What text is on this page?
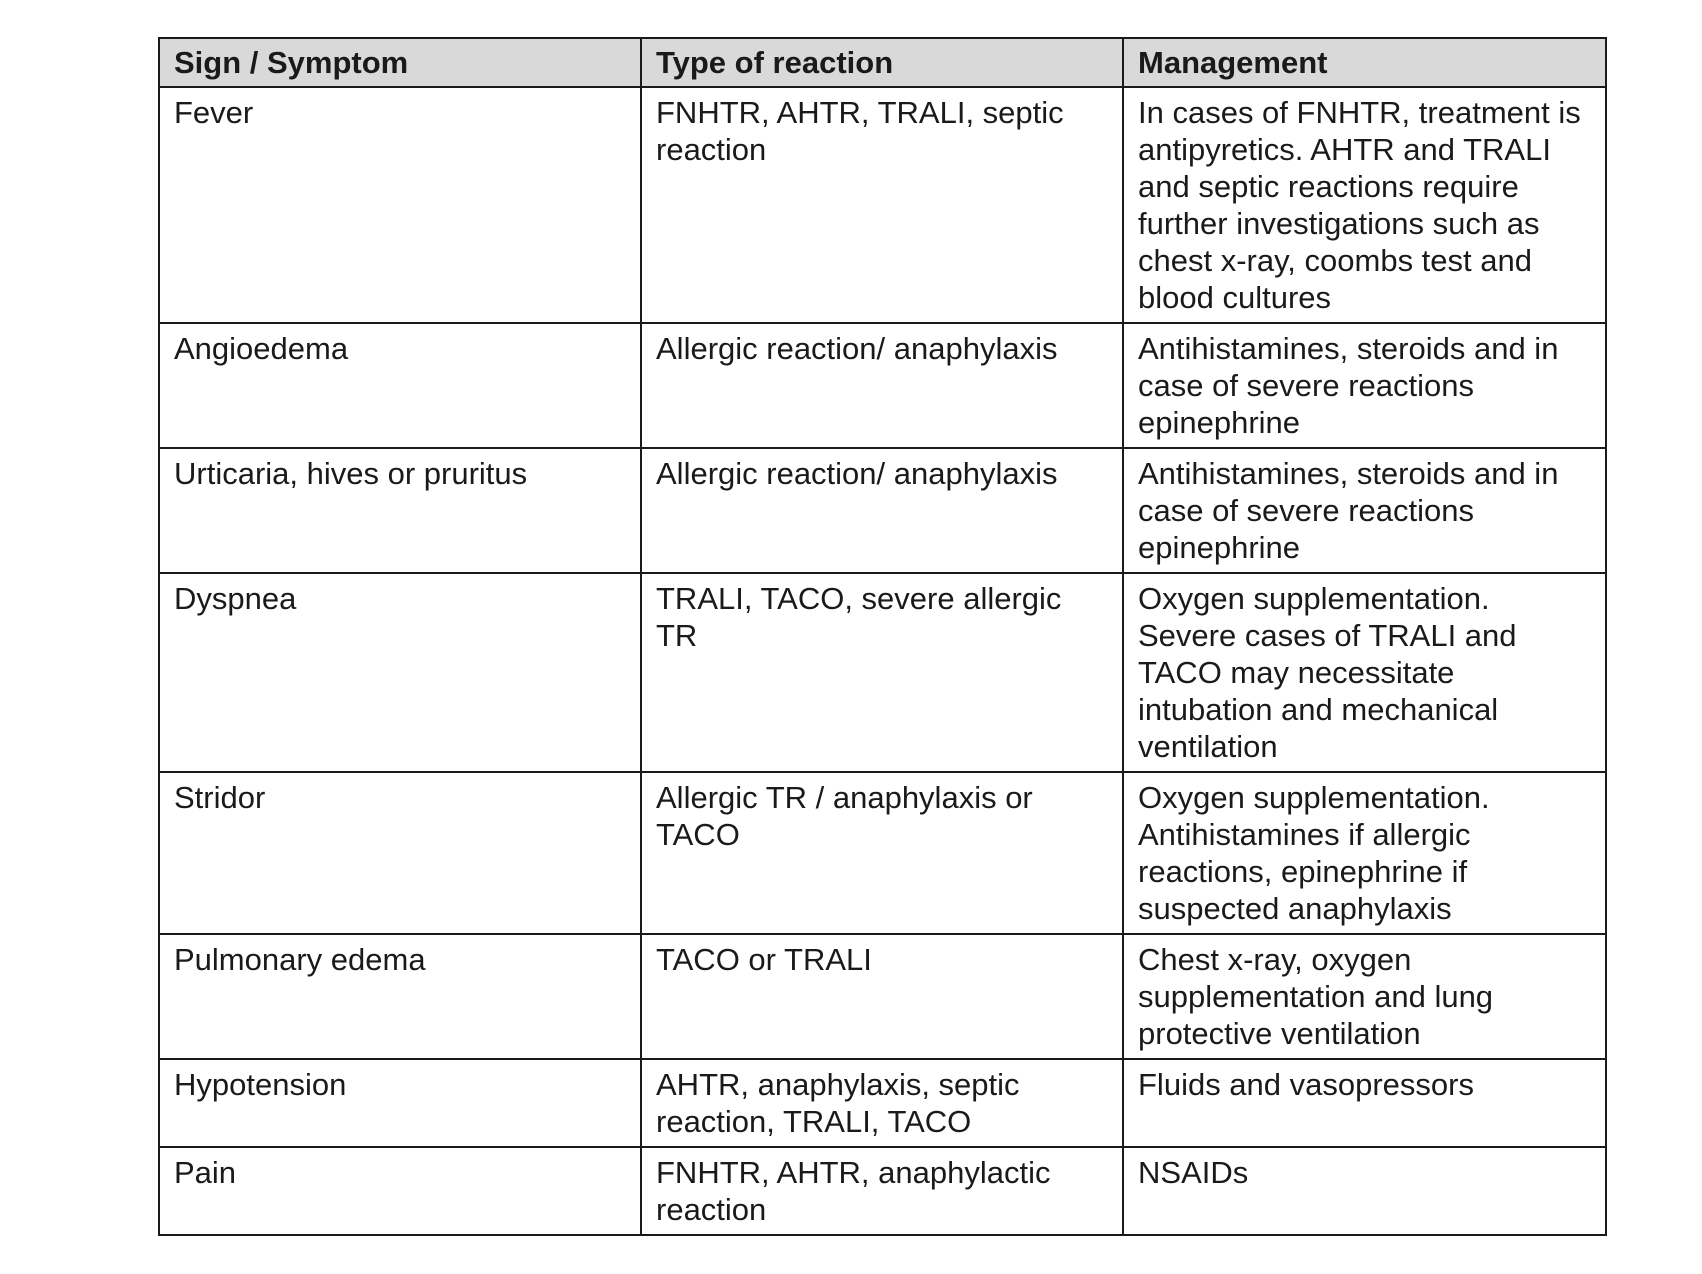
Sign / Symptom	Type of reaction	Management
Fever	FNHTR, AHTR, TRALI, septic reaction	In cases of FNHTR, treatment is antipyretics. AHTR and TRALI and septic reactions require further investigations such as chest x-ray, coombs test and blood cultures
Angioedema	Allergic reaction/ anaphylaxis	Antihistamines, steroids and in case of severe reactions epinephrine
Urticaria, hives or pruritus	Allergic reaction/ anaphylaxis	Antihistamines, steroids and in case of severe reactions epinephrine
Dyspnea	TRALI, TACO, severe allergic TR	Oxygen supplementation. Severe cases of TRALI and TACO may necessitate intubation and mechanical ventilation
Stridor	Allergic TR / anaphylaxis or TACO	Oxygen supplementation. Antihistamines if allergic reactions, epinephrine if suspected anaphylaxis
Pulmonary edema	TACO or TRALI	Chest x-ray, oxygen supplementation and lung protective ventilation
Hypotension	AHTR, anaphylaxis, septic reaction, TRALI, TACO	Fluids and vasopressors
Pain	FNHTR, AHTR, anaphylactic reaction	NSAIDs
